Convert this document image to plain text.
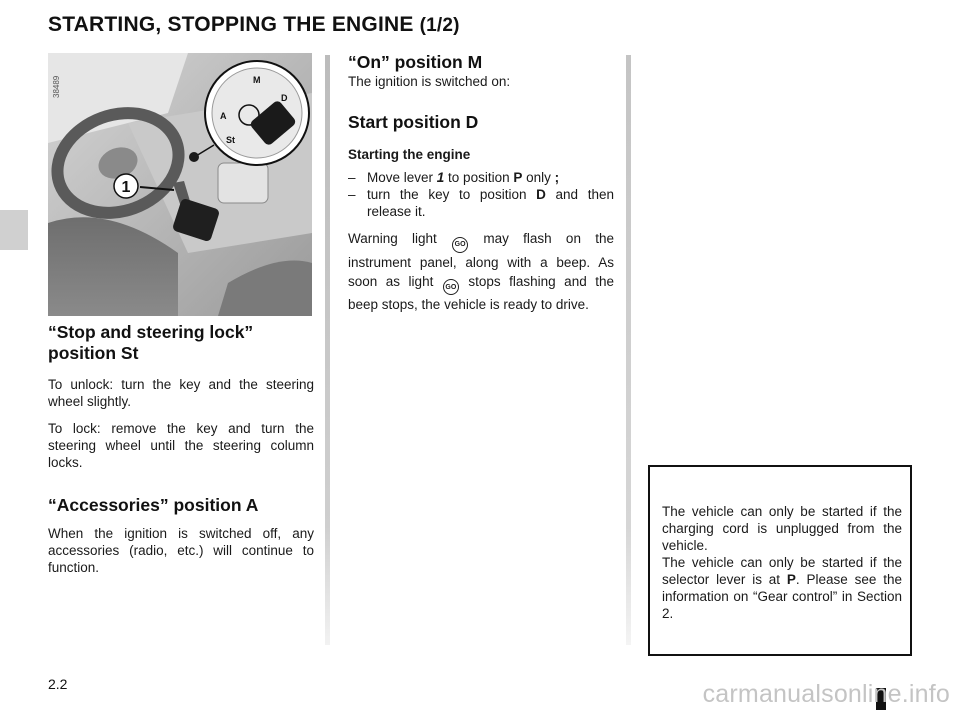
STARTING, STOPPING THE ENGINE (1/2)
1
M
D
A
St
38489
“Stop and steering lock”
position St

To unlock: turn the key and the steering wheel slightly.

To lock: remove the key and turn the steering wheel until the steering column locks.

“Accessories” position A

When the ignition is switched off, any accessories (radio, etc.) will continue to function.

“On” position M

The ignition is switched on:

Start position D

Starting the engine

– Move lever 1 to position P only ;
– turn the key to position D and then release it.

Warning light GO may flash on the instrument panel, along with a beep. As soon as light GO stops flashing and the beep stops, the vehicle is ready to drive.

The vehicle can only be started if the charging cord is unplugged from the vehicle.
The vehicle can only be started if the selector lever is at P. Please see the information on “Gear control” in Section 2.
2.2	carmanualsonline.info
